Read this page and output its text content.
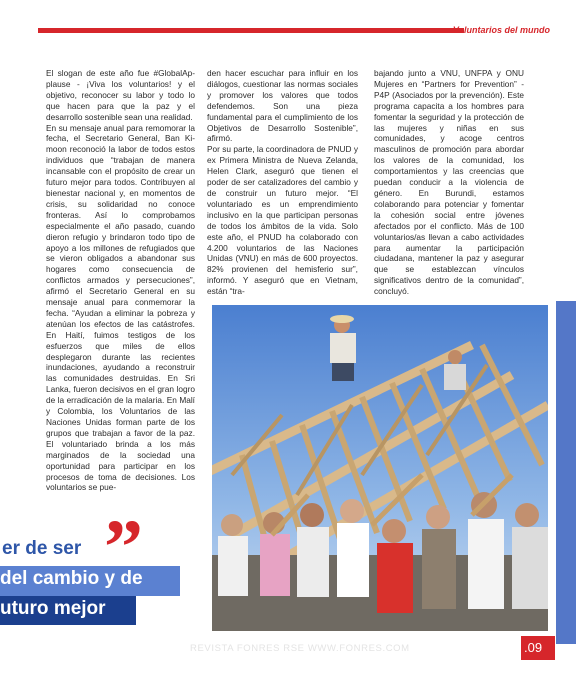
Voluntarios del mundo

El slogan de este año fue #GlobalApplause - ¡Viva los voluntarios! y el objetivo, reconocer su labor y todo lo que hacen para que la paz y el desarrollo sostenible sean una realidad.

En su mensaje anual para remomorar la fecha, el Secretario General, Ban Ki-moon reconoció la labor de todos estos individuos que “trabajan de manera incansable con el propósito de crear un futuro mejor para todos. Contribuyen al bienestar nacional y, en momentos de crisis, su solidaridad no conoce fronteras. Así lo comprobamos especialmente el año pasado, cuando dieron refugio y brindaron todo tipo de apoyo a los millones de refugiados que se vieron obligados a abandonar sus hogares como consecuencia de conflictos armados y persecuciones”, afirmó el Secretario General en su mensaje anual para conmemorar la fecha. “Ayudan a eliminar la pobreza y atenúan los efectos de las catástrofes. En Haití, fuimos testigos de los esfuerzos que miles de ellos desplegaron durante las recientes inundaciones, ayudando a reconstruir las comunidades destruidas. En Sri Lanka, fueron decisivos en el gran logro de la erradicación de la malaria. En Malí y Colombia, los Voluntarios de las Naciones Unidas forman parte de los grupos que trabajan a favor de la paz. El voluntariado brinda a los más marginados de la sociedad una oportunidad para participar en los procesos de toma de decisiones. Los voluntarios se pue-

den hacer escuchar para influir en los diálogos, cuestionar las normas sociales y promover los valores que todos defendemos. Son una pieza fundamental para el cumplimiento de los Objetivos de Desarrollo Sostenible”, afirmó.

Por su parte, la coordinadora de PNUD y ex Primera Ministra de Nueva Zelanda, Helen Clark, aseguró que tienen el poder de ser catalizadores del cambio y de construir un futuro mejor. “El voluntariado es un emprendimiento inclusivo en la que participan personas de todos los ámbitos de la vida. Solo este año, el PNUD ha colaborado con 4.200 voluntarios de las Naciones Unidas (VNU) en más de 600 proyectos. 82% provienen del hemisferio sur”, informó. Y aseguró que en Vietnam, están “tra-

bajando junto a VNU, UNFPA y ONU Mujeres en “Partners for Prevention” - P4P (Asociados por la prevención). Este programa capacita a los hombres para fomentar la seguridad y la protección de las mujeres y niñas en sus comunidades, y acoge centros masculinos de promoción para abordar los valores de la comunidad, los comportamientos y las creencias que puedan conducir a la violencia de género. En Burundi, estamos colaborando para potenciar y fomentar la cohesión social entre jóvenes afectados por el conflicto. Más de 100 voluntarios/as llevan a cabo actividades para aumentar la participación ciudadana, mantener la paz y asegurar que se establezcan vínculos significativos dentro de la comunidad”, concluyó.

er de ser
del cambio y de
uturo mejor
”
REVISTA FONRES RSE WWW.FONRES.COM	.09
